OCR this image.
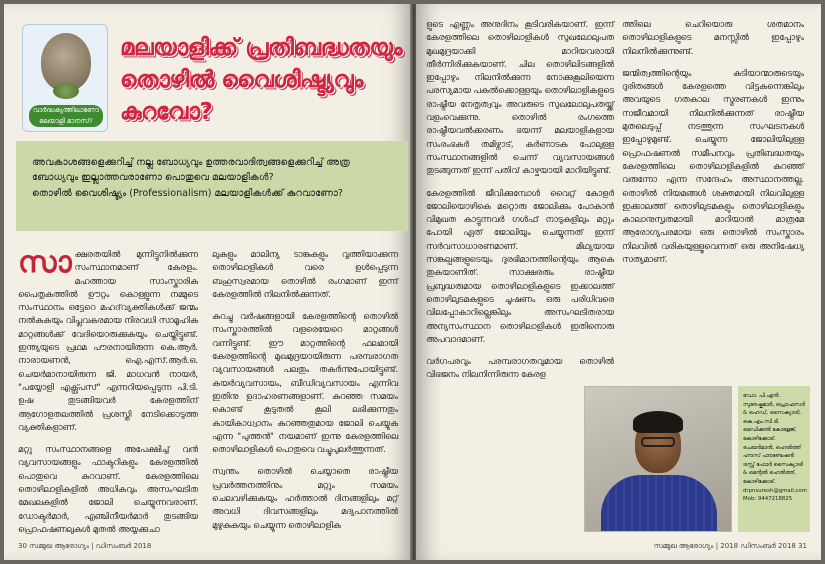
വാര്‍ദ്ധക്യത്തിലാണോ മലയാളി മാനസ്?
മലയാളിക്ക് പ്രതിബദ്ധതയും തൊഴില്‍ വൈശിഷ്ട്യവും കുറവോ?

അവകാശങ്ങളെക്കുറിച്ച് നല്ല ബോധ്യവും ഉത്തരവാദിത്വങ്ങളെക്കുറിച്ച് അത്ര ബോധ്യവും ഇല്ലാത്തവരാണോ പൊതുവെ മലയാളികള്‍?

തൊഴില്‍ വൈശിഷ്ട്യം (Professionalism) മലയാളികള്‍ക്ക് കുറവാണോ?

സാക്ഷരതയില്‍ മുന്നിട്ടുനില്‍ക്കുന്ന സംസ്ഥാനമാണ് കേരളം. മഹത്തായ സാംസ്കാരിക പൈതൃകത്തില്‍ ഊറ്റം കൊള്ളുന്ന നമ്മുടെ സംസ്ഥാനം ഒട്ടേറെ മഹദ്‌വ്യക്തികള്‍ക്ക് ജന്മം നല്‍കുകയും വിപ്ലവകരമായ നിരവധി സാമൂഹിക മാറ്റങ്ങള്‍ക്ക് വേദിയൊരുക്കുകയും ചെയ്തിട്ടുണ്ട്. ഇന്ത്യയുടെ പ്രഥമ പൗരനായിരുന്ന കെ.ആര്‍. നാരായണന്‍, ഐ.എസ്.ആര്‍.ഒ. ചെയര്‍മാനായിരുന്ന ജി. മാധവന്‍ നായര്‍, "പയ്യോളി എക്സ്പ്രസ്" എന്നറിയപ്പെടുന്ന പി.ടി. ഉഷ തുടങ്ങിയവര്‍ കേരളത്തിന് ആഗോളതലത്തില്‍ പ്രശസ്തി നേടിക്കൊടുത്ത വ്യക്തികളാണ്.

മറ്റു സംസ്ഥാനങ്ങളെ അപേക്ഷിച്ച് വന്‍ വ്യവസായങ്ങളും ഫാക്ടറികളും കേരളത്തില്‍ പൊതുവെ കുറവാണ്. കേരളത്തിലെ തൊഴിലാളികളില്‍ അധികവും അസംഘടിത മേഖലകളില്‍ ജോലി ചെയ്യുന്നവരാണ്. ഡോക്ടര്‍മാര്‍, എഞ്ചിനീയര്‍മാര്‍ തുടങ്ങിയ പ്രൊഫഷണലുകള്‍ മുതല്‍ അയ്യക്കുചാ

ലുകളും മാലിന്യ ടാങ്കുകളും വൃത്തിയാക്കുന്ന തൊഴിലാളികള്‍ വരെ ഉള്‍പ്പെടുന്ന ബഹുസ്വരമായ തൊഴില്‍ രംഗമാണ് ഇന്ന് കേരളത്തില്‍ നിലനില്‍ക്കുന്നത്.

കുറച്ചു വര്‍ഷങ്ങളായി കേരളത്തിന്റെ തൊഴില്‍ സംസ്കാരത്തില്‍ വളരെയേറെ മാറ്റങ്ങള്‍ വന്നിട്ടുണ്ട്. ഈ മാറ്റത്തിന്റെ ഫലമായി കേരളത്തിന്റെ മുഖമുദ്രയായിരുന്ന പരമ്പരാഗത വ്യവസായങ്ങള്‍ പലതും തകര്‍ന്നുപോയിട്ടുണ്ട്. കയര്‍വ്യവസായം, ബീഡിവ്യവസായം എന്നിവ ഇതിനു ഉദാഹരണങ്ങളാണ്. കുറഞ്ഞ സമയം കൊണ്ട് കൂടുതല്‍ കൂലി ലഭിക്കുന്നതും കായികാധ്വാനം കുറഞ്ഞതുമായ ജോലി ചെയ്യുക എന്ന "പുത്തന്‍" നയമാണ് ഇന്നു കേരളത്തിലെ തൊഴിലാളികള്‍ പൊതുവെ വച്ചുപുലര്‍ത്തുന്നത്.

സ്വന്തം തൊഴില്‍ ചെയ്യാതെ രാഷ്ട്രീയ പ്രവര്‍ത്തനത്തിനും മറ്റും സമയം ചെലവഴിക്കുകയും ഹര്‍ത്താല്‍ ദിനങ്ങളിലും മറ്റ് അവധി ദിവസങ്ങളിലും മദ്യപാനത്തില്‍ മുഴുകുകയും ചെയ്യുന്ന തൊഴിലാളിക

30 സമ്മുഖ ആരോഗ്യം | ഡിസംബര്‍ 2018

ളുടെ എണ്ണം അനുദിനം കൂടിവരികയാണ്. ഇന്ന് കേരളത്തിലെ തൊഴിലാളികള്‍ സുഖലോലുപത മുഖമുദ്രയാക്കി മാറിയവരായി തീര്‍ന്നിരിക്കുകയാണ്. ചില തൊഴിലിടങ്ങളില്‍ ഇപ്പോഴും നിലനില്‍ക്കുന്ന നോക്കുകൂലിയെന്ന പരസ്യമായ പകല്‍ക്കൊള്ളയും തൊഴിലാളികളുടെ രാഷ്ട്രീയ നേതൃത്വവും അവരുടെ സുഖലോലുപതയ്ക്ക് വളംവെക്കുന്നു. തൊഴില്‍ രംഗത്തെ രാഷ്ട്രീയവല്‍ക്കരണം ഭയന്ന് മലയാളികളായ സംരംഭകര്‍ തമിഴ്നാട്, കര്‍ണാടക പോലുള്ള സംസ്ഥാനങ്ങളില്‍ ചെന്ന് വ്യവസായങ്ങള്‍ തുടങ്ങുന്നത് ഇന്ന് പതിവ് കാഴ്ചയായി മാറിയിട്ടുണ്ട്.

കേരളത്തില്‍ ജീവിക്കുമ്പോള്‍ വൈറ്റ് കോളര്‍ ജോലിയൊഴികെ മറ്റൊരു ജോലിക്കും പോകാന്‍ വിമുഖത കാട്ടുന്നവര്‍ ഗള്‍ഫ് നാടുകളിലും മറ്റും പോയി ഏത് ജോലിയും ചെയ്യുന്നത് ഇന്ന് സര്‍വസാധാരണമാണ്. മിഥ്യയായ സങ്കല്പങ്ങളുടെയും ദുരഭിമാനത്തിന്റെയും ആകെ തുകയാണിത്. സാക്ഷരരും രാഷ്ട്രീയ പ്രബുദ്ധരുമായ തൊഴിലാളികളുടെ ഇക്കാലത്ത് തൊഴിലുടമകളുടെ ചൂഷണം ഒരു പരിധിവരെ വിലപ്പോകാറില്ലെങ്കിലും അസംഘടിതരായ അന്യസംസ്ഥാന തൊഴിലാളികള്‍ ഇതിനൊരു അപവാദമാണ്.

വര്‍ഗപരവും പരമ്പരാഗതവുമായ തൊഴില്‍ വിഭജനം നിലനിന്നിരുന്ന കേരള

ത്തിലെ ചെറിയൊരു ശതമാനം തൊഴിലാളികളുടെ മനസ്സില്‍ ഇപ്പോഴും നിലനില്‍ക്കുന്നുണ്ട്.

ജന്മിത്വത്തിന്റെയും കുടിയാന്മാരുടെയും ദുരിതങ്ങള്‍ കേരളത്തെ വിട്ടകന്നെങ്കിലും അവയുടെ ഗതകാല സ്മരണകള്‍ ഇന്നും സജീവമായി നിലനില്‍ക്കുന്നത് രാഷ്ട്രീയ മുതലെടുപ്പ് നടത്തുന്ന സംഘടനകള്‍ ഇപ്പോഴുമുണ്ട്. ചെയ്യുന്ന ജോലിയിലുള്ള പ്രൊഫഷണല്‍ സമീപനവും പ്രതിബദ്ധതയും കേരളത്തിലെ തൊഴിലാളികളില്‍ കുറഞ്ഞ് വരുന്നോ എന്ന സന്ദേഹം അസ്ഥാനത്തല്ല. തൊഴില്‍ നിയമങ്ങള്‍ ശക്തമായി നിലവിലുള്ള ഇക്കാലത്ത് തൊഴിലുടമകളും തൊഴിലാളികളും കാലാനുസൃതമായി മാറിയാല്‍ മാത്രമേ ആരോഗ്യപരമായ ഒരു തൊഴില്‍ സംസ്കാരം നിലവില്‍ വരികയുള്ളൂവെന്നത് ഒരു അനിഷേധ്യ സത്യമാണ്.

ഡോ. പി.എന്‍. സുരേഷ്കുമാര്‍, പ്രൊഫസര്‍ & ഹെഡ്, സൈക്യാട്രി, കെ.എം.സി.ടി. മെഡിക്കല്‍ കോളേജ്, കോഴിക്കോട്. ചെയര്‍മാന്‍, ഹെല്‍ത്ത് ഹൗസ് ഫൗണ്ടേഷന്‍ ട്രസ്റ്റ് ഫോര്‍ സൈക്യാട്രി & മെന്റല്‍ ഹെല്‍ത്ത്, കോഴിക്കോട്. drpnsuresh@gmail.com Mob: 9447218825
സമ്മുഖ ആരോഗ്യം | 2018 ഡിസംബര്‍ 2018 31
